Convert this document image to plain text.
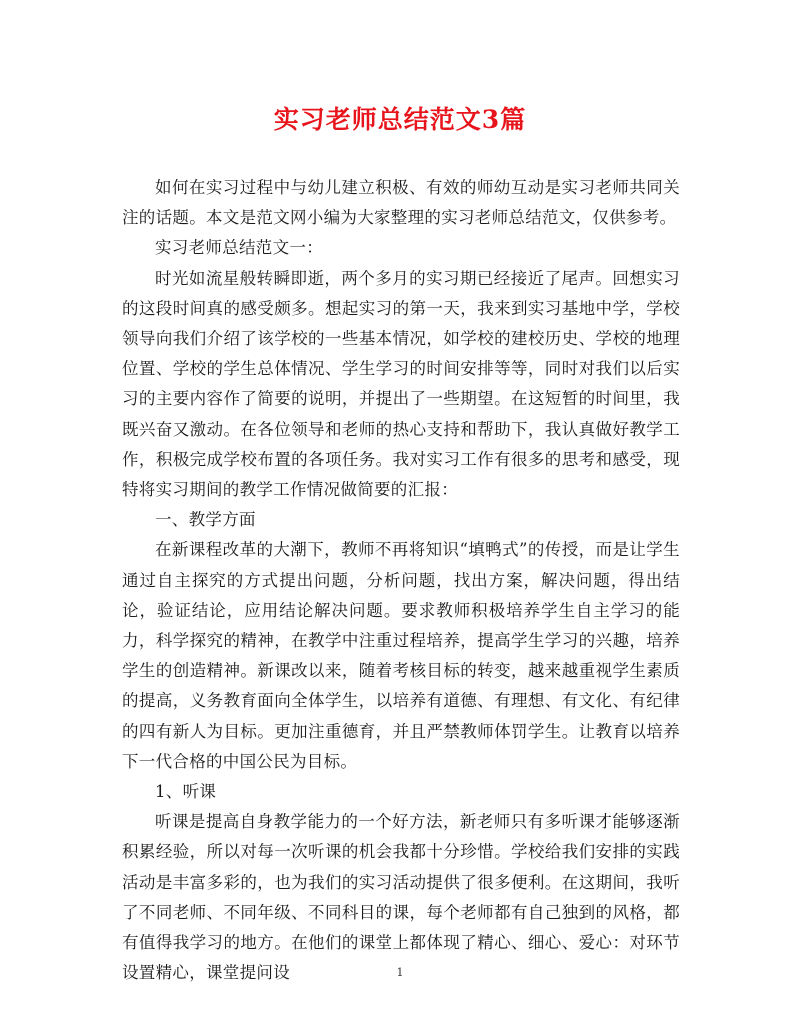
实习老师总结范文3篇

如何在实习过程中与幼儿建立积极、有效的师幼互动是实习老师共同关注的话题。本文是范文网小编为大家整理的实习老师总结范文，仅供参考。

实习老师总结范文一：

时光如流星般转瞬即逝，两个多月的实习期已经接近了尾声。回想实习的这段时间真的感受颇多。想起实习的第一天，我来到实习基地中学，学校领导向我们介绍了该学校的一些基本情况，如学校的建校历史、学校的地理位置、学校的学生总体情况、学生学习的时间安排等等，同时对我们以后实习的主要内容作了简要的说明，并提出了一些期望。在这短暂的时间里，我既兴奋又激动。在各位领导和老师的热心支持和帮助下，我认真做好教学工作，积极完成学校布置的各项任务。我对实习工作有很多的思考和感受，现特将实习期间的教学工作情况做简要的汇报：

一、教学方面

在新课程改革的大潮下，教师不再将知识“填鸭式”的传授，而是让学生通过自主探究的方式提出问题，分析问题，找出方案，解决问题，得出结论，验证结论，应用结论解决问题。要求教师积极培养学生自主学习的能力，科学探究的精神，在教学中注重过程培养，提高学生学习的兴趣，培养学生的创造精神。新课改以来，随着考核目标的转变，越来越重视学生素质的提高，义务教育面向全体学生，以培养有道德、有理想、有文化、有纪律的四有新人为目标。更加注重德育，并且严禁教师体罚学生。让教育以培养下一代合格的中国公民为目标。

1、听课

听课是提高自身教学能力的一个好方法，新老师只有多听课才能够逐渐积累经验，所以对每一次听课的机会我都十分珍惜。学校给我们安排的实践活动是丰富多彩的，也为我们的实习活动提供了很多便利。在这期间，我听了不同老师、不同年级、不同科目的课，每个老师都有自己独到的风格，都有值得我学习的地方。在他们的课堂上都体现了精心、细心、爱心：对环节设置精心，课堂提问设	1
